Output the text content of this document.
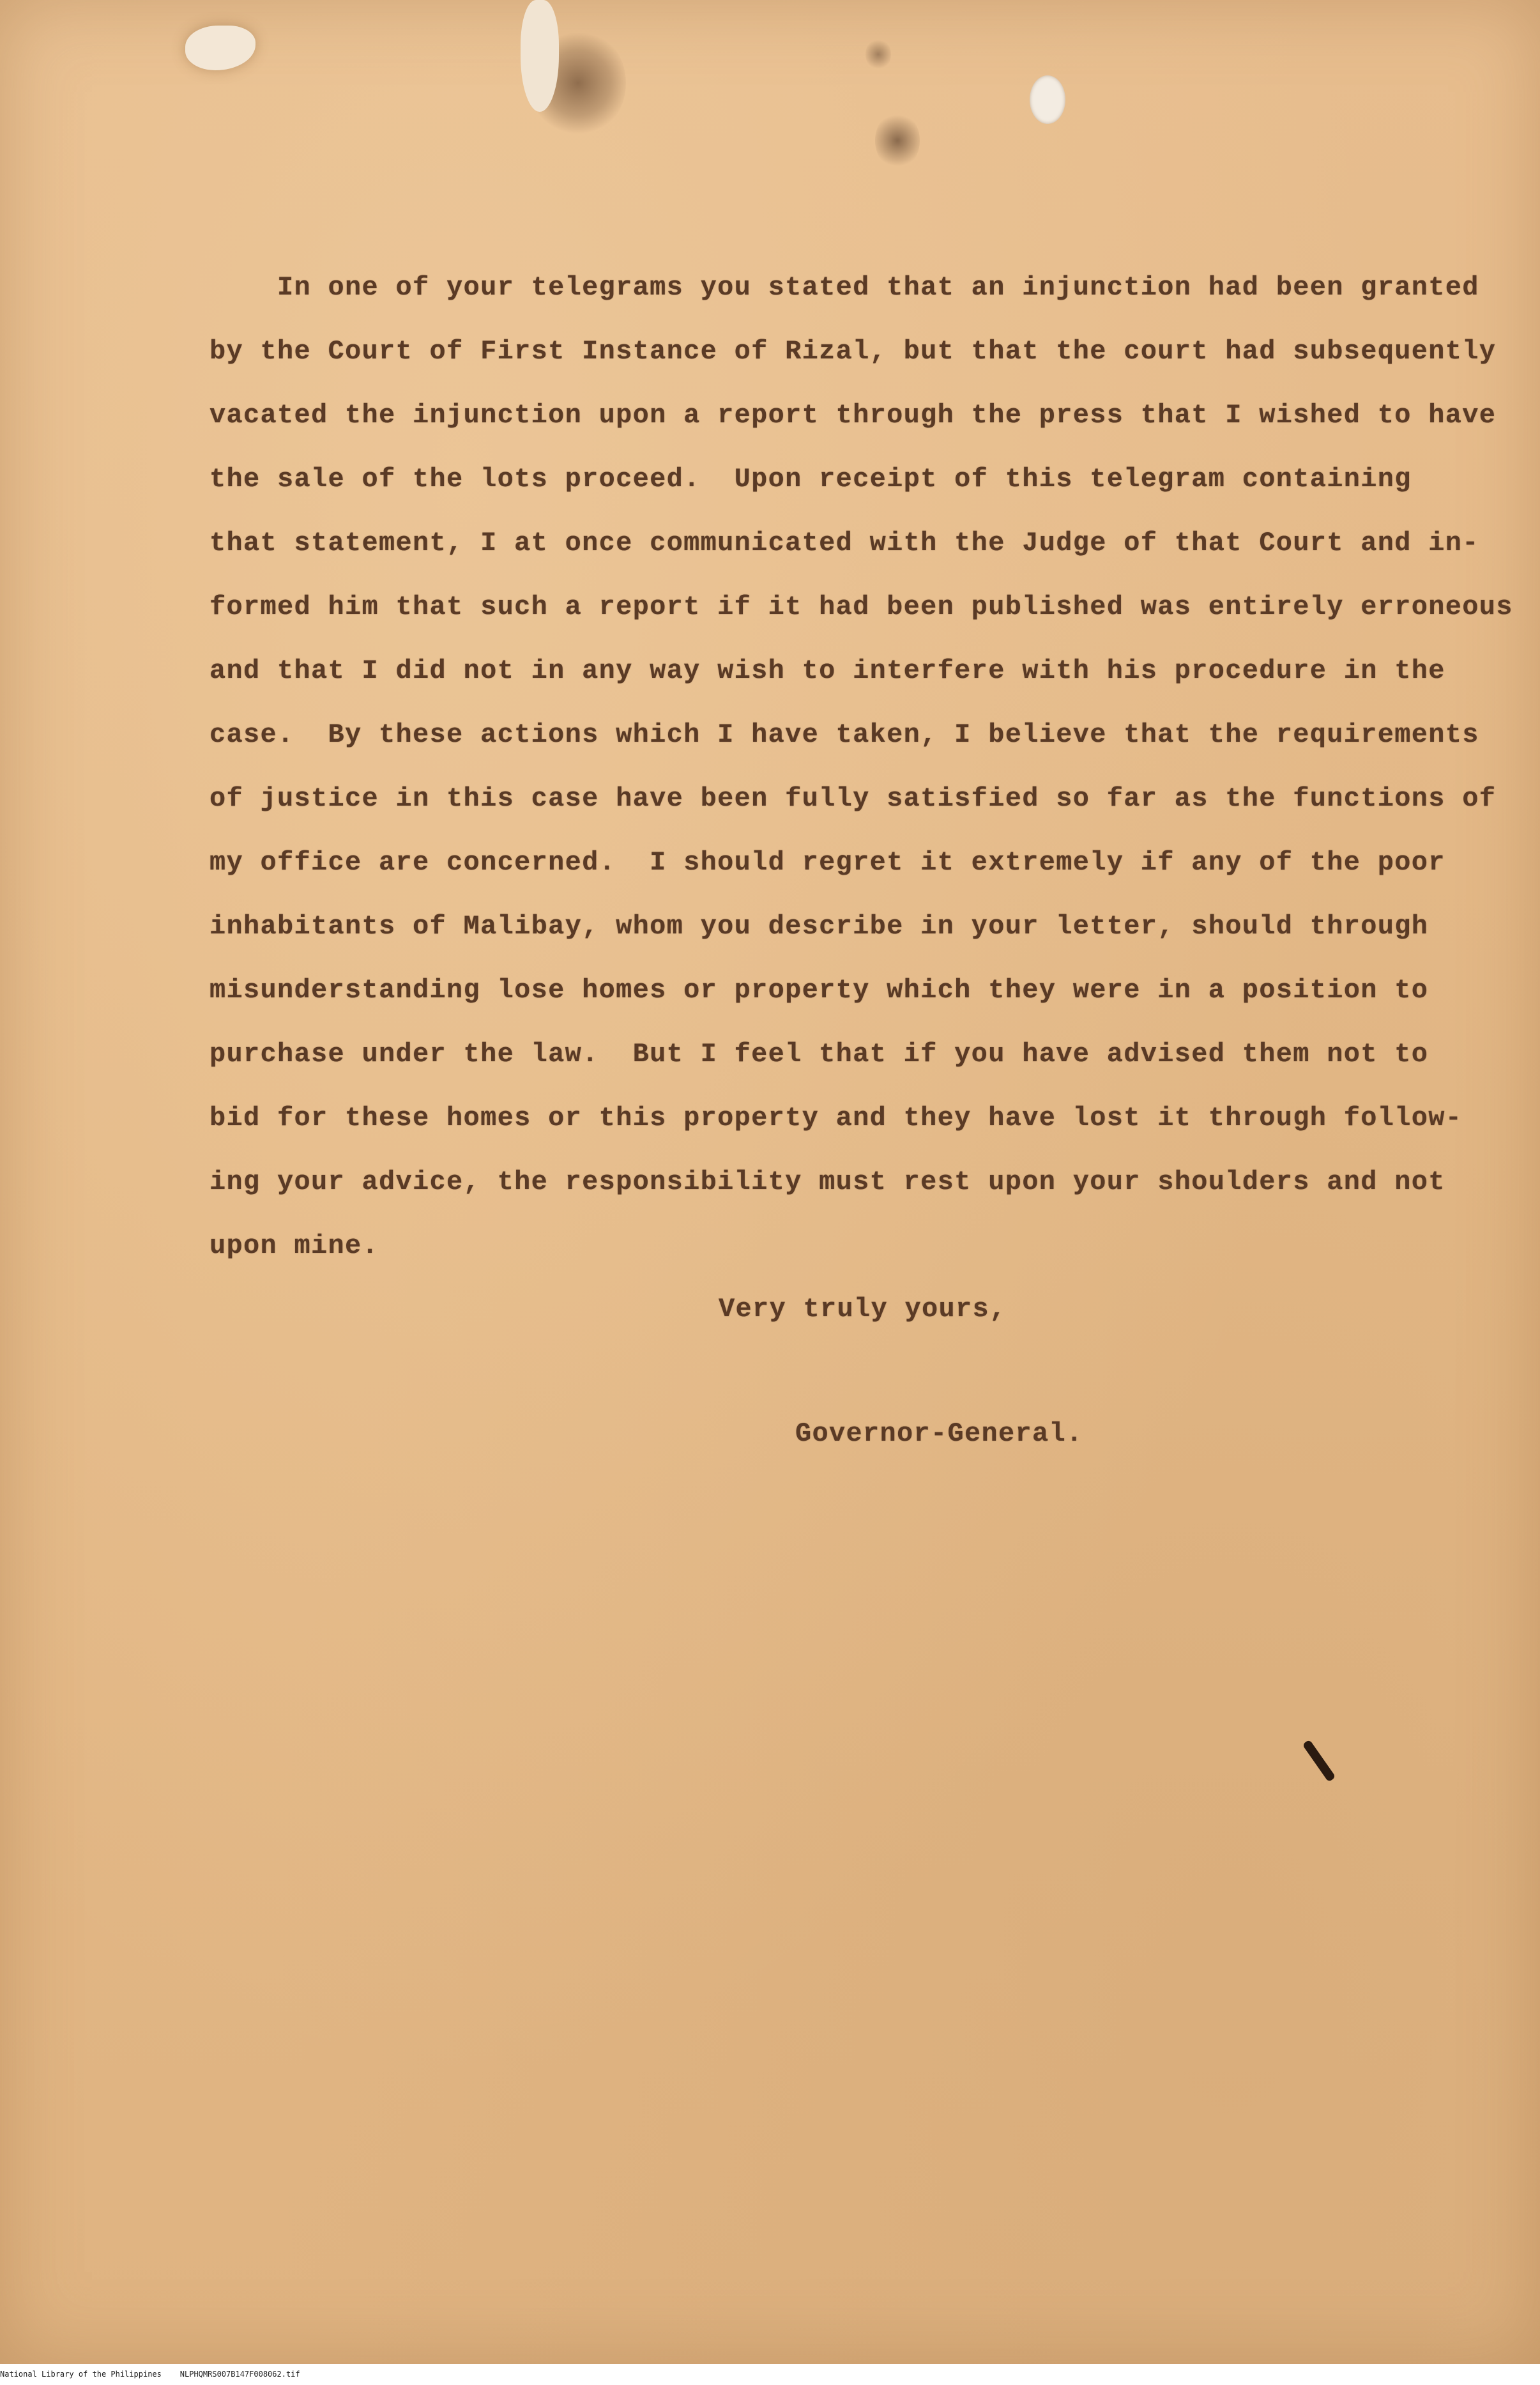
In one of your telegrams you stated that an injunction had been granted
by the Court of First Instance of Rizal, but that the court had subsequently
vacated the injunction upon a report through the press that I wished to have
the sale of the lots proceed.  Upon receipt of this telegram containing
that statement, I at once communicated with the Judge of that Court and in-
formed him that such a report if it had been published was entirely erroneous
and that I did not in any way wish to interfere with his procedure in the
case.  By these actions which I have taken, I believe that the requirements
of justice in this case have been fully satisfied so far as the functions of
my office are concerned.  I should regret it extremely if any of the poor
inhabitants of Malibay, whom you describe in your letter, should through
misunderstanding lose homes or property which they were in a position to
purchase under the law.  But I feel that if you have advised them not to
bid for these homes or this property and they have lost it through follow-
ing your advice, the responsibility must rest upon your shoulders and not
upon mine.
Very truly yours,
Governor-General.
National Library of the Philippines NLPHQMRS007B147F008062.tif
